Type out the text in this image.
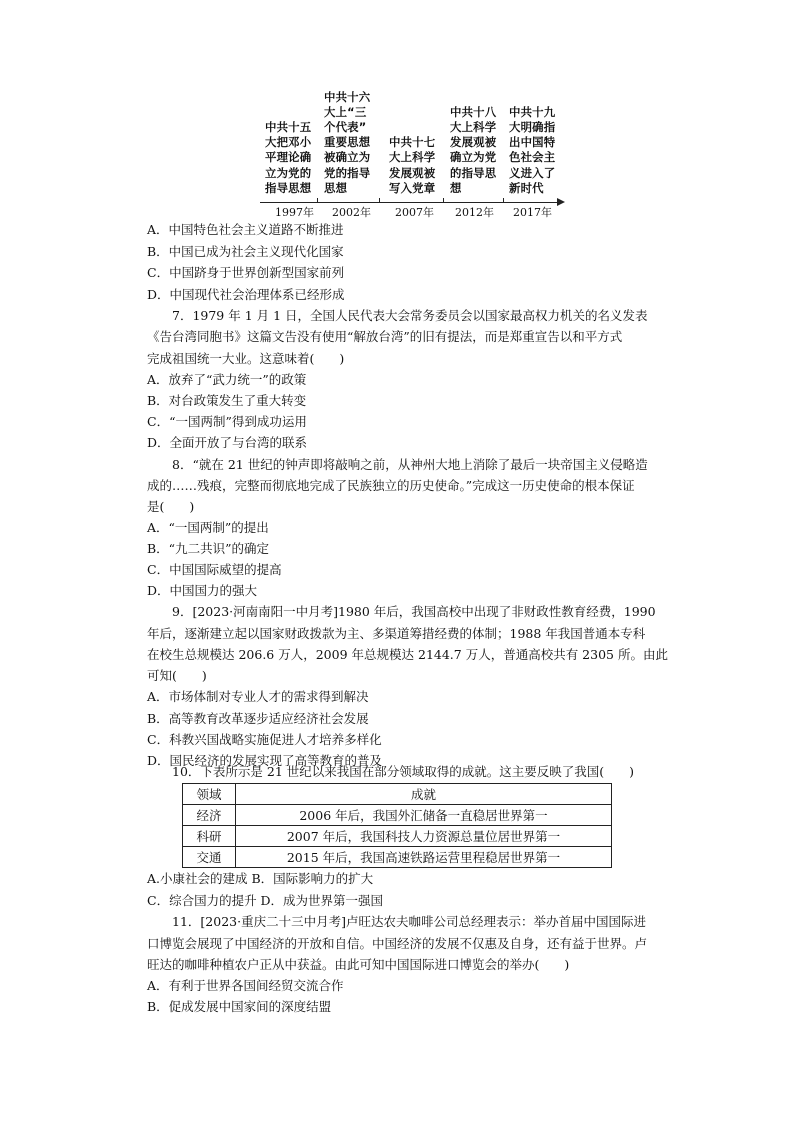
中共十五
大把邓小
平理论确
立为党的
指导思想
中共十六
大上“三
个代表”
重要思想
被确立为
党的指导
思想
中共十七
大上科学
发展观被
写入党章
中共十八
大上科学
发展观被
确立为党
的指导思
想
中共十九
大明确指
出中国特
色社会主
义进入了
新时代
1997年 2002年 2007年 2012年 2017年
A．中国特色社会主义道路不断推进
B．中国已成为社会主义现代化国家
C．中国跻身于世界创新型国家前列
D．中国现代社会治理体系已经形成
7．1979 年 1 月 1 日，全国人民代表大会常务委员会以国家最高权力机关的名义发表
《告台湾同胞书》这篇文告没有使用“解放台湾”的旧有提法，而是郑重宣告以和平方式
完成祖国统一大业。这意味着(　　)
A．放弃了“武力统一”的政策
B．对台政策发生了重大转变
C．“一国两制”得到成功运用
D．全面开放了与台湾的联系
8．“就在 21 世纪的钟声即将敲响之前，从神州大地上消除了最后一块帝国主义侵略造
成的……残痕，完整而彻底地完成了民族独立的历史使命。”完成这一历史使命的根本保证
是(　　)
A．“一国两制”的提出
B．“九二共识”的确定
C．中国国际威望的提高
D．中国国力的强大
9．[2023·河南南阳一中月考]1980 年后，我国高校中出现了非财政性教育经费，1990
年后，逐渐建立起以国家财政拨款为主、多渠道筹措经费的体制；1988 年我国普通本专科
在校生总规模达 206.6 万人，2009 年总规模达 2144.7 万人，普通高校共有 2305 所。由此
可知(　　)
A．市场体制对专业人才的需求得到解决
B．高等教育改革逐步适应经济社会发展
C．科教兴国战略实施促进人才培养多样化
D．国民经济的发展实现了高等教育的普及
10．下表所示是 21 世纪以来我国在部分领域取得的成就。这主要反映了我国(　　)
领域	成就
经济	2006 年后，我国外汇储备一直稳居世界第一
科研	2007 年后，我国科技人力资源总量位居世界第一
交通	2015 年后，我国高速铁路运营里程稳居世界第一
A.小康社会的建成 B．国际影响力的扩大
C．综合国力的提升 D．成为世界第一强国
11．[2023·重庆二十三中月考]卢旺达农夫咖啡公司总经理表示：举办首届中国国际进
口博览会展现了中国经济的开放和自信。中国经济的发展不仅惠及自身，还有益于世界。卢
旺达的咖啡种植农户正从中获益。由此可知中国国际进口博览会的举办(　　)
A．有利于世界各国间经贸交流合作
B．促成发展中国家间的深度结盟
